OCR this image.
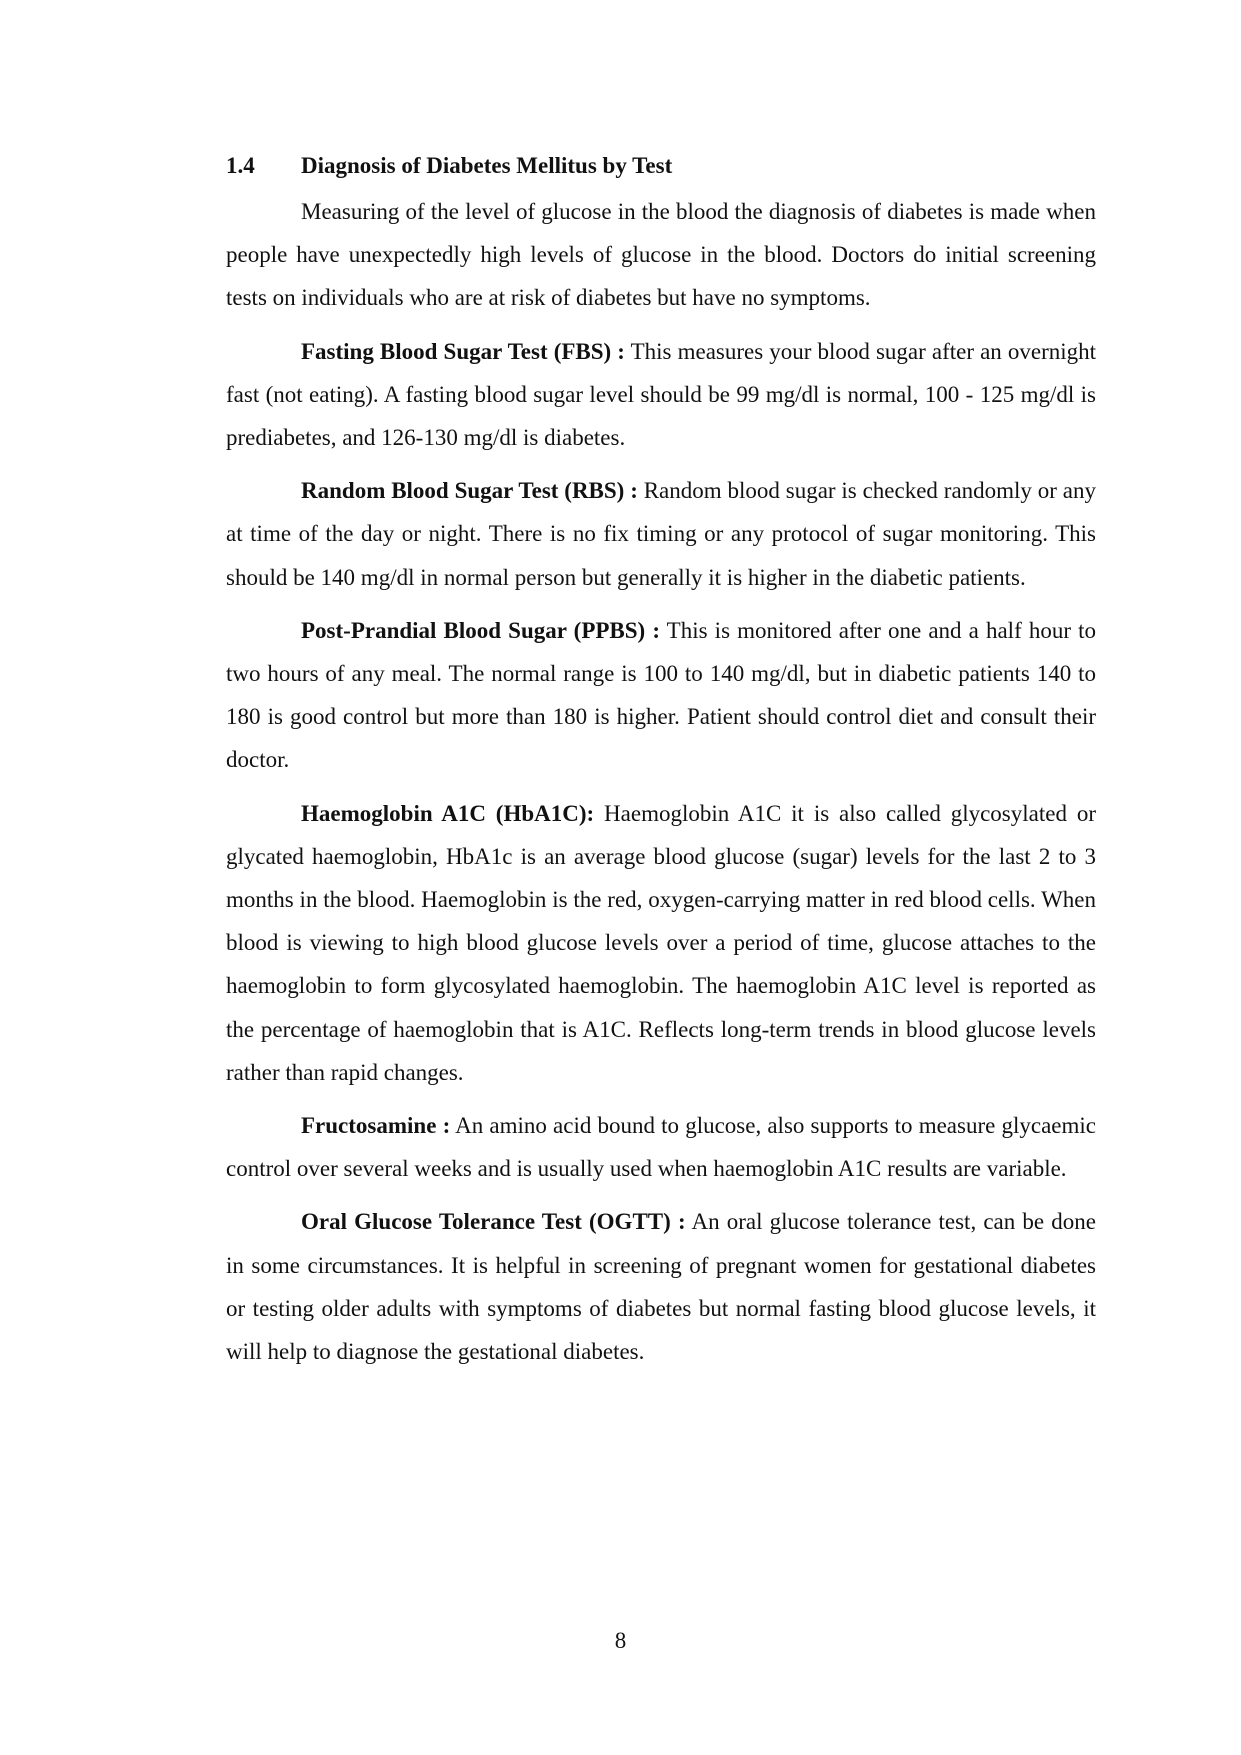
1.4 Diagnosis of Diabetes Mellitus by Test

Measuring of the level of glucose in the blood the diagnosis of diabetes is made when people have unexpectedly high levels of glucose in the blood. Doctors do initial screening tests on individuals who are at risk of diabetes but have no symptoms.

Fasting Blood Sugar Test (FBS) : This measures your blood sugar after an overnight fast (not eating). A fasting blood sugar level should be 99 mg/dl is normal, 100 - 125 mg/dl is prediabetes, and 126-130 mg/dl is diabetes.

Random Blood Sugar Test (RBS) : Random blood sugar is checked randomly or any at time of the day or night. There is no fix timing or any protocol of sugar monitoring. This should be 140 mg/dl in normal person but generally it is higher in the diabetic patients.

Post-Prandial Blood Sugar (PPBS) : This is monitored after one and a half hour to two hours of any meal. The normal range is 100 to 140 mg/dl, but in diabetic patients 140 to 180 is good control but more than 180 is higher. Patient should control diet and consult their doctor.

Haemoglobin A1C (HbA1C): Haemoglobin A1C it is also called glycosylated or glycated haemoglobin, HbA1c is an average blood glucose (sugar) levels for the last 2 to 3 months in the blood. Haemoglobin is the red, oxygen-carrying matter in red blood cells. When blood is viewing to high blood glucose levels over a period of time, glucose attaches to the haemoglobin to form glycosylated haemoglobin. The haemoglobin A1C level is reported as the percentage of haemoglobin that is A1C. Reflects long-term trends in blood glucose levels rather than rapid changes.

Fructosamine : An amino acid bound to glucose, also supports to measure glycaemic control over several weeks and is usually used when haemoglobin A1C results are variable.

Oral Glucose Tolerance Test (OGTT) : An oral glucose tolerance test, can be done in some circumstances. It is helpful in screening of pregnant women for gestational diabetes or testing older adults with symptoms of diabetes but normal fasting blood glucose levels, it will help to diagnose the gestational diabetes.

8
